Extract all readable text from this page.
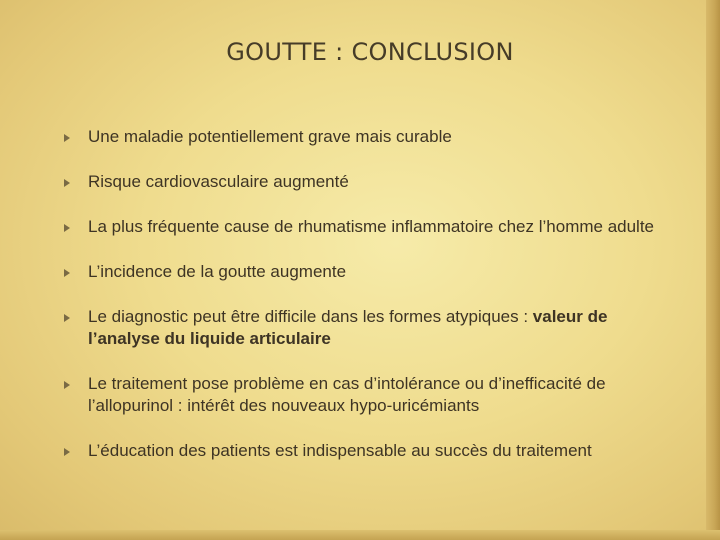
GOUTTE : CONCLUSION
Une maladie potentiellement grave mais curable
Risque cardiovasculaire augmenté
La plus fréquente cause de rhumatisme inflammatoire chez l’homme adulte
L’incidence de la goutte augmente
Le diagnostic peut être difficile dans les formes atypiques : valeur de l’analyse du liquide articulaire
Le traitement pose problème en cas d’intolérance ou d’inefficacité de l’allopurinol : intérêt des nouveaux hypo-uricémiants
L’éducation des patients est indispensable au succès du traitement
